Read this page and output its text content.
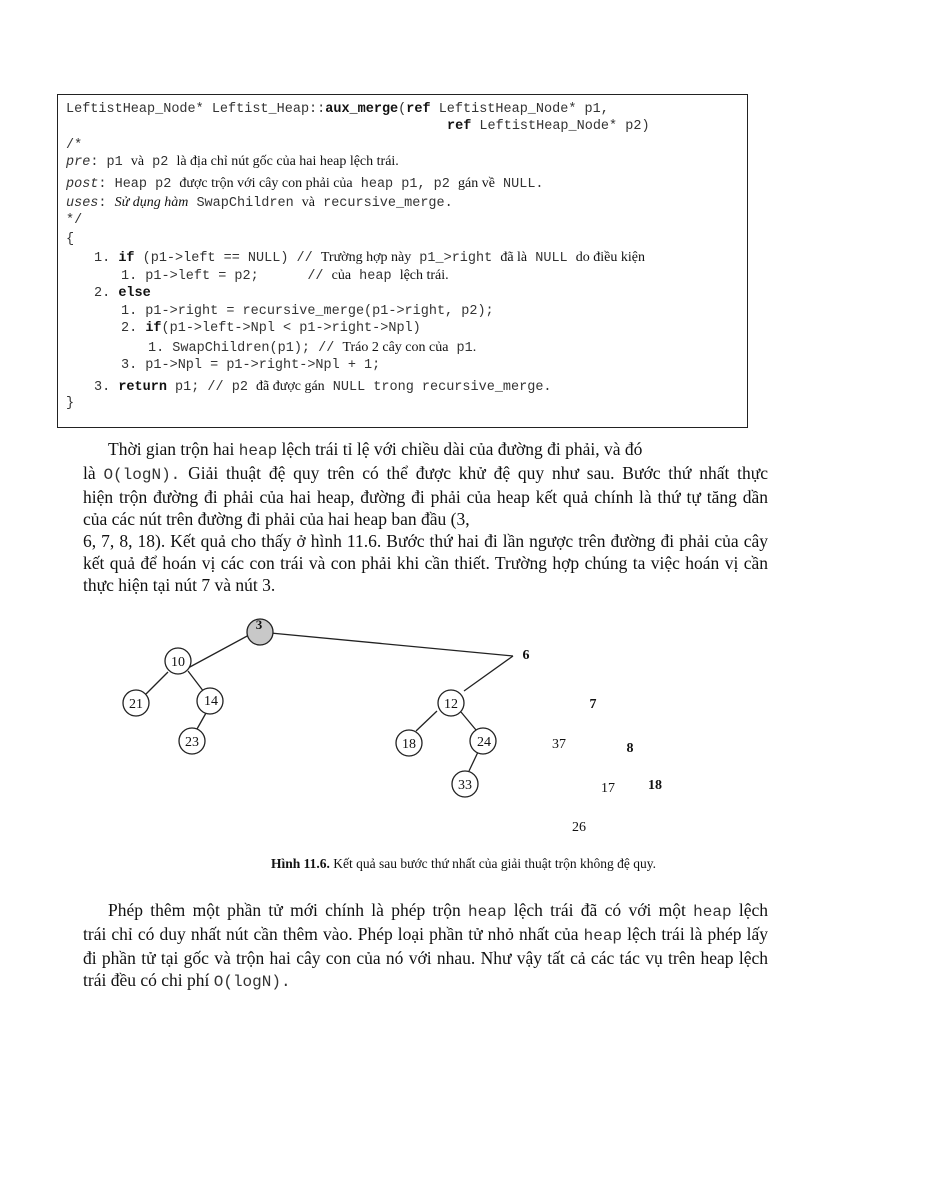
LeftistHeap_Node* Leftist_Heap::aux_merge(ref LeftistHeap_Node* p1,
ref LeftistHeap_Node* p2)
/*
pre: p1 và p2 là địa chỉ nút gốc của hai heap lệch trái.
post: Heap p2 được trộn với cây con phải của heap p1, p2 gán về NULL.
uses: Sử dụng hàm SwapChildren và recursive_merge.
*/
{
1. if (p1->left == NULL) // Trường hợp này p1_>right đã là NULL do điều kiện
1. p1->left = p2;      // của heap lệch trái.
2. else
1. p1->right = recursive_merge(p1->right, p2);
2. if(p1->left->Npl < p1->right->Npl)
1. SwapChildren(p1); // Tráo 2 cây con của p1.
3. p1->Npl = p1->right->Npl + 1;
3. return p1; // p2 đã được gán NULL trong recursive_merge.
}
Thời gian trộn hai heap lệch trái tỉ lệ với chiều dài của đường đi phải, và đó
là O(logN). Giải thuật đệ quy trên có thể được khử đệ quy như sau. Bước thứ nhất thực
hiện trộn đường đi phải của hai heap, đường đi phải của heap kết quả chính là thứ tự tăng dần
của các nút trên đường đi phải của hai heap ban đầu (3,
6, 7, 8, 18). Kết quả cho thấy ở hình 11.6. Bước thứ hai đi lần ngược trên đường đi phải của cây
kết quả để hoán vị các con trái và con phải khi cần thiết. Trường hợp chúng ta việc hoán vị cần
thực hiện tại nút 7 và nút 3.
3
10
21	14
23
12
18	24
33
6
7
37	8
17 18
26
Hình 11.6. Kết quả sau bước thứ nhất của giải thuật trộn không đệ quy.
Phép thêm một phần tử mới chính là phép trộn heap lệch trái đã có với một heap lệch
trái chỉ có duy nhất nút cần thêm vào. Phép loại phần tử nhỏ nhất của heap lệch trái là phép lấy
đi phần tử tại gốc và trộn hai cây con của nó với nhau. Như vậy tất cả các tác vụ trên heap lệch
trái đều có chi phí O(logN).
